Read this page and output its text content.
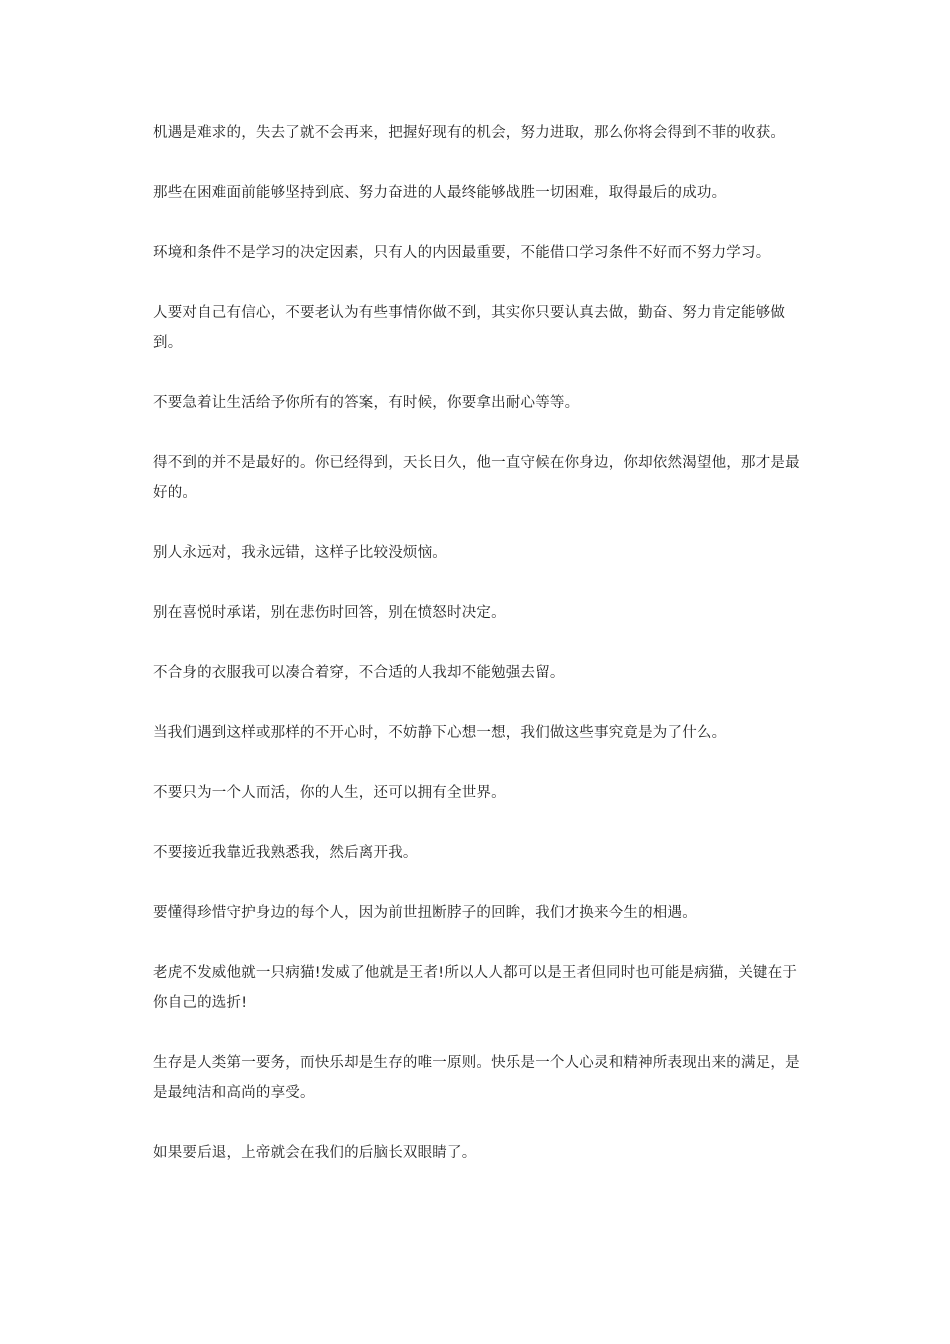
机遇是难求的，失去了就不会再来，把握好现有的机会，努力进取，那么你将会得到不菲的收获。

那些在困难面前能够坚持到底、努力奋进的人最终能够战胜一切困难，取得最后的成功。

环境和条件不是学习的决定因素，只有人的内因最重要，不能借口学习条件不好而不努力学习。

人要对自己有信心，不要老认为有些事情你做不到，其实你只要认真去做，勤奋、努力肯定能够做到。

不要急着让生活给予你所有的答案，有时候，你要拿出耐心等等。

得不到的并不是最好的。你已经得到，天长日久，他一直守候在你身边，你却依然渴望他，那才是最好的。

别人永远对，我永远错，这样子比较没烦恼。

别在喜悦时承诺，别在悲伤时回答，别在愤怒时决定。

不合身的衣服我可以凑合着穿，不合适的人我却不能勉强去留。

当我们遇到这样或那样的不开心时，不妨静下心想一想，我们做这些事究竟是为了什么。

不要只为一个人而活，你的人生，还可以拥有全世界。

不要接近我靠近我熟悉我，然后离开我。

要懂得珍惜守护身边的每个人，因为前世扭断脖子的回眸，我们才换来今生的相遇。

老虎不发威他就一只病猫!发威了他就是王者!所以人人都可以是王者但同时也可能是病猫，关键在于你自己的选折!

生存是人类第一要务，而快乐却是生存的唯一原则。快乐是一个人心灵和精神所表现出来的满足，是是最纯洁和高尚的享受。

如果要后退，上帝就会在我们的后脑长双眼睛了。
